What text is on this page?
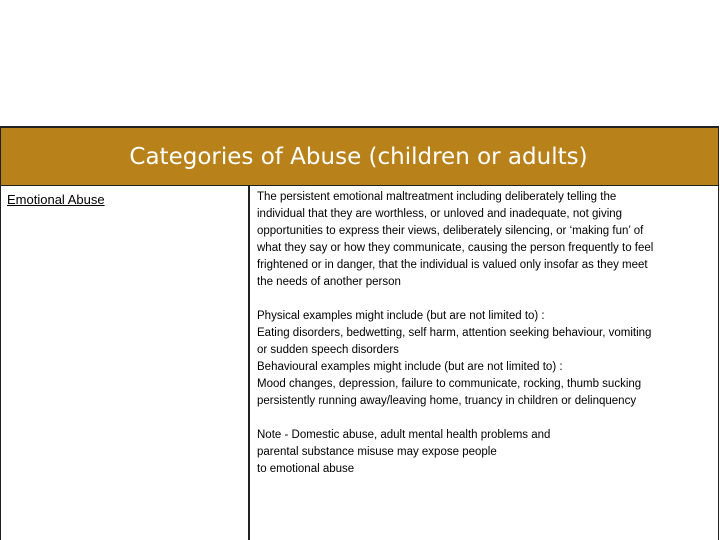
Categories of Abuse (children or adults)
Emotional Abuse	The persistent emotional maltreatment including deliberately telling the
individual that they are worthless, or unloved and inadequate, not giving
opportunities to express their views, deliberately silencing, or ‘making fun’ of
what they say or how they communicate, causing the person frequently to feel
frightened or in danger, that the individual is valued only insofar as they meet
the needs of another person

Physical examples might include (but are not limited to) :
Eating disorders, bedwetting, self harm, attention seeking behaviour, vomiting
or sudden speech disorders
Behavioural examples might include (but are not limited to) :
Mood changes, depression, failure to communicate, rocking, thumb sucking
persistently running away/leaving home, truancy in children or delinquency

Note - Domestic abuse, adult mental health problems and
parental substance misuse may expose people
to emotional abuse
